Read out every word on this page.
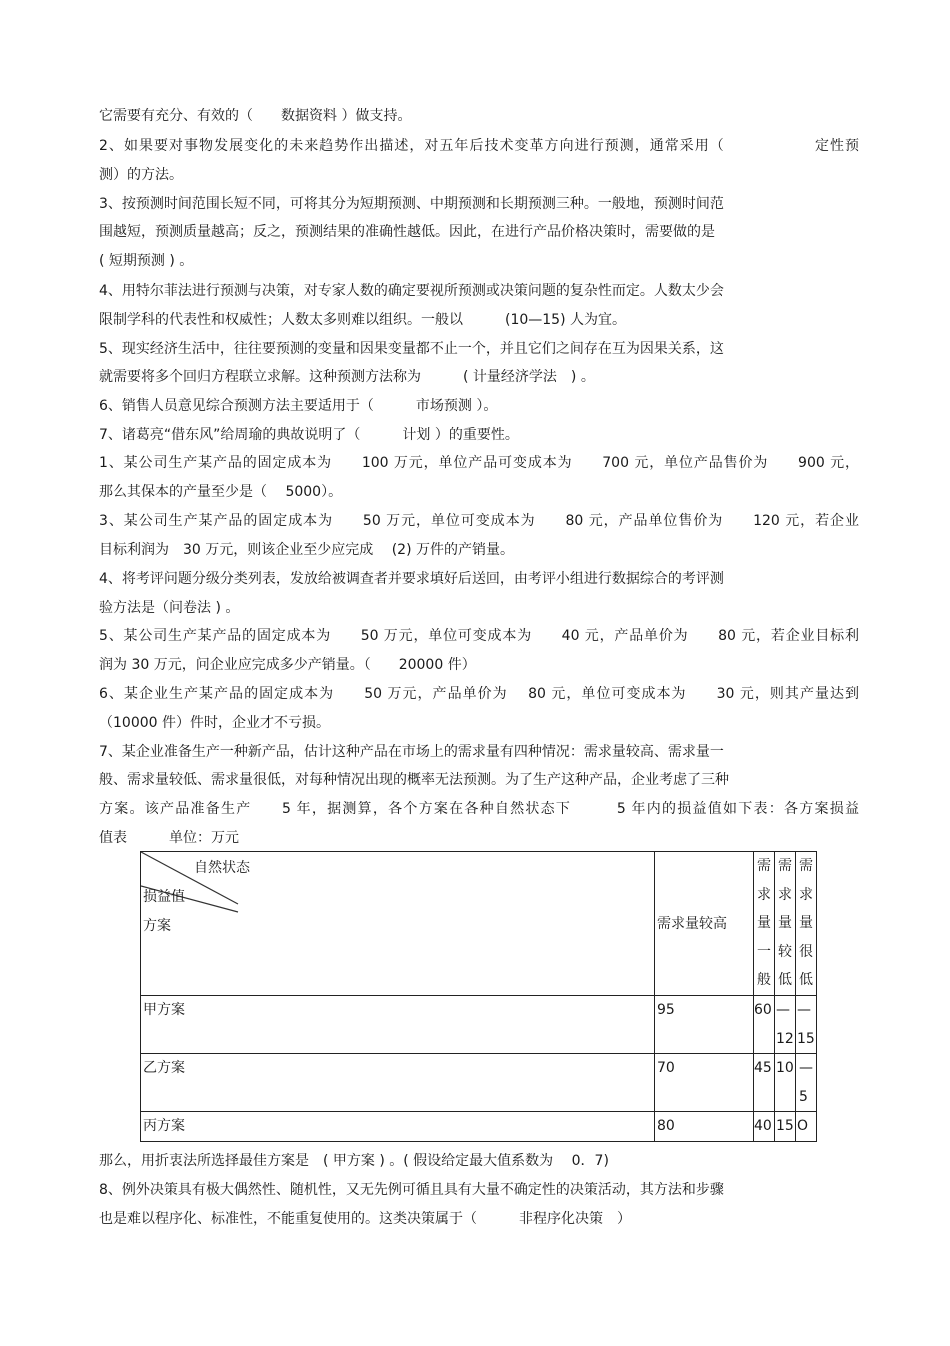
它需要有充分、有效的（　　数据资料 ）做支持。
2、如果要对事物发展变化的未来趋势作出描述，对五年后技术变革方向进行预测，通常采用（　　　　　　定性预
测）的方法。
3、按预测时间范围长短不同，可将其分为短期预测、中期预测和长期预测三种。一般地，预测时间范
围越短，预测质量越高；反之，预测结果的准确性越低。因此，在进行产品价格决策时，需要做的是
( 短期预测 ) 。
4、用特尔菲法进行预测与决策，对专家人数的确定要视所预测或决策问题的复杂性而定。人数太少会
限制学科的代表性和权威性；人数太多则难以组织。一般以　　　(10—15) 人为宜。
5、现实经济生活中，往往要预测的变量和因果变量都不止一个，并且它们之间存在互为因果关系，这
就需要将多个回归方程联立求解。这种预测方法称为　　　( 计量经济学法　) 。
6、销售人员意见综合预测方法主要适用于（　　　市场预测 ）。
7、诸葛亮“借东风”给周瑜的典故说明了（　　　计划 ）的重要性。
1、某公司生产某产品的固定成本为　　100 万元，单位产品可变成本为　　700 元，单位产品售价为　　900 元，
那么其保本的产量至少是（　 5000）。
3、某公司生产某产品的固定成本为　　50 万元，单位可变成本为　　80 元，产品单位售价为　　120 元，若企业
目标利润为　30 万元，则该企业至少应完成　 (2) 万件的产销量。
4、将考评问题分级分类列表，发放给被调查者并要求填好后送回，由考评小组进行数据综合的考评测
验方法是（问卷法 ) 。
5、某公司生产某产品的固定成本为　　50 万元，单位可变成本为　　40 元，产品单价为　　80 元，若企业目标利
润为 30 万元，问企业应完成多少产销量。（　　20000 件）
6、某企业生产某产品的固定成本为　　50 万元，产品单价为　 80 元，单位可变成本为　　30 元，则其产量达到
（10000 件）件时，企业才不亏损。
7、某企业准备生产一种新产品，估计这种产品在市场上的需求量有四种情况：需求量较高、需求量一
般、需求量较低、需求量很低，对每种情况出现的概率无法预测。为了生产这种产品，企业考虑了三种
方案。该产品准备生产　　5 年，据测算，各个方案在各种自然状态下　　　5 年内的损益值如下表：各方案损益
值表　　　单位：万元
自然状态
损益值
方案	需求量较高	需求量一般	需求量较低	需求量很低

甲方案	95	60	—12	—15

乙方案	70	45	10	—5

丙方案	80	40	15	O
那么，用折衷法所选择最佳方案是　( 甲方案 ) 。( 假设给定最大值系数为　 0．7)
8、例外决策具有极大偶然性、随机性，又无先例可循且具有大量不确定性的决策活动，其方法和步骤
也是难以程序化、标准性，不能重复使用的。这类决策属于（　　　非程序化决策　）
